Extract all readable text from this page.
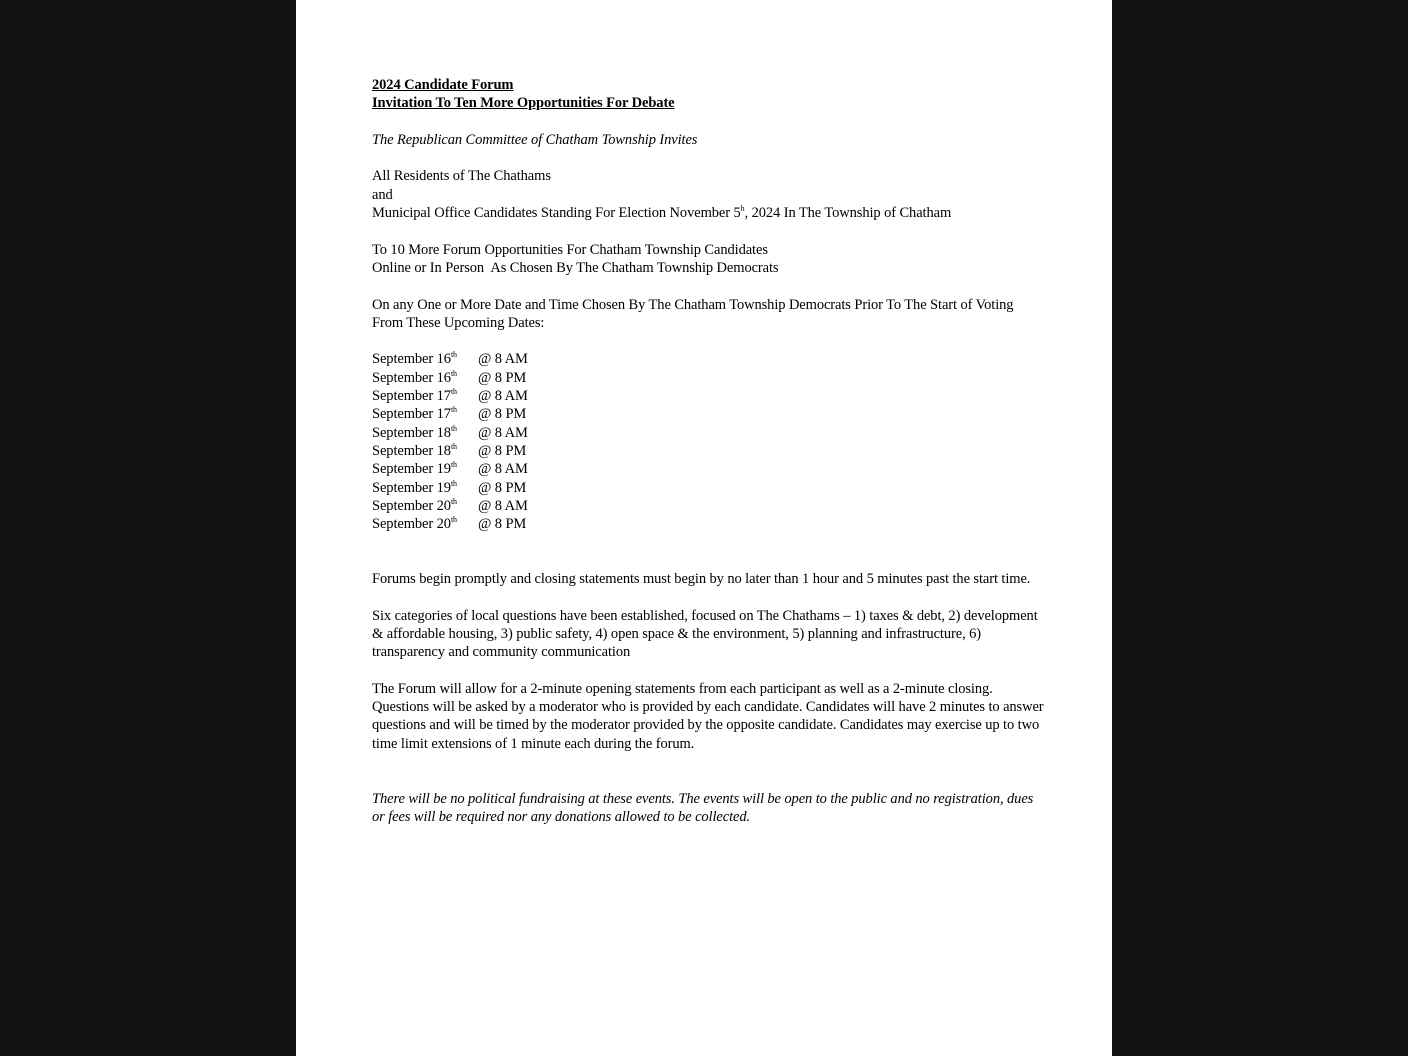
2024 Candidate Forum
Invitation To Ten More Opportunities For Debate
The Republican Committee of Chatham Township Invites
All Residents of The Chathams
and
Municipal Office Candidates Standing For Election November 5$^h$, 2024 In The Township of Chatham
To 10 More Forum Opportunities For Chatham Township Candidates
Online or In Person  As Chosen By The Chatham Township Democrats
On any One or More Date and Time Chosen By The Chatham Township Democrats Prior To The Start of Voting From These Upcoming Dates:
September 16th @ 8 AM
September 16th @ 8 PM
September 17th @ 8 AM
September 17th @ 8 PM
September 18th @ 8 AM
September 18th @ 8 PM
September 19th @ 8 AM
September 19th @ 8 PM
September 20th @ 8 AM
September 20th @ 8 PM
Forums begin promptly and closing statements must begin by no later than 1 hour and 5 minutes past the start time.
Six categories of local questions have been established, focused on The Chathams – 1) taxes & debt, 2) development & affordable housing, 3) public safety, 4) open space & the environment, 5) planning and infrastructure, 6) transparency and community communication
The Forum will allow for a 2-minute opening statements from each participant as well as a 2-minute closing. Questions will be asked by a moderator who is provided by each candidate. Candidates will have 2 minutes to answer questions and will be timed by the moderator provided by the opposite candidate. Candidates may exercise up to two time limit extensions of 1 minute each during the forum.
There will be no political fundraising at these events. The events will be open to the public and no registration, dues or fees will be required nor any donations allowed to be collected.
